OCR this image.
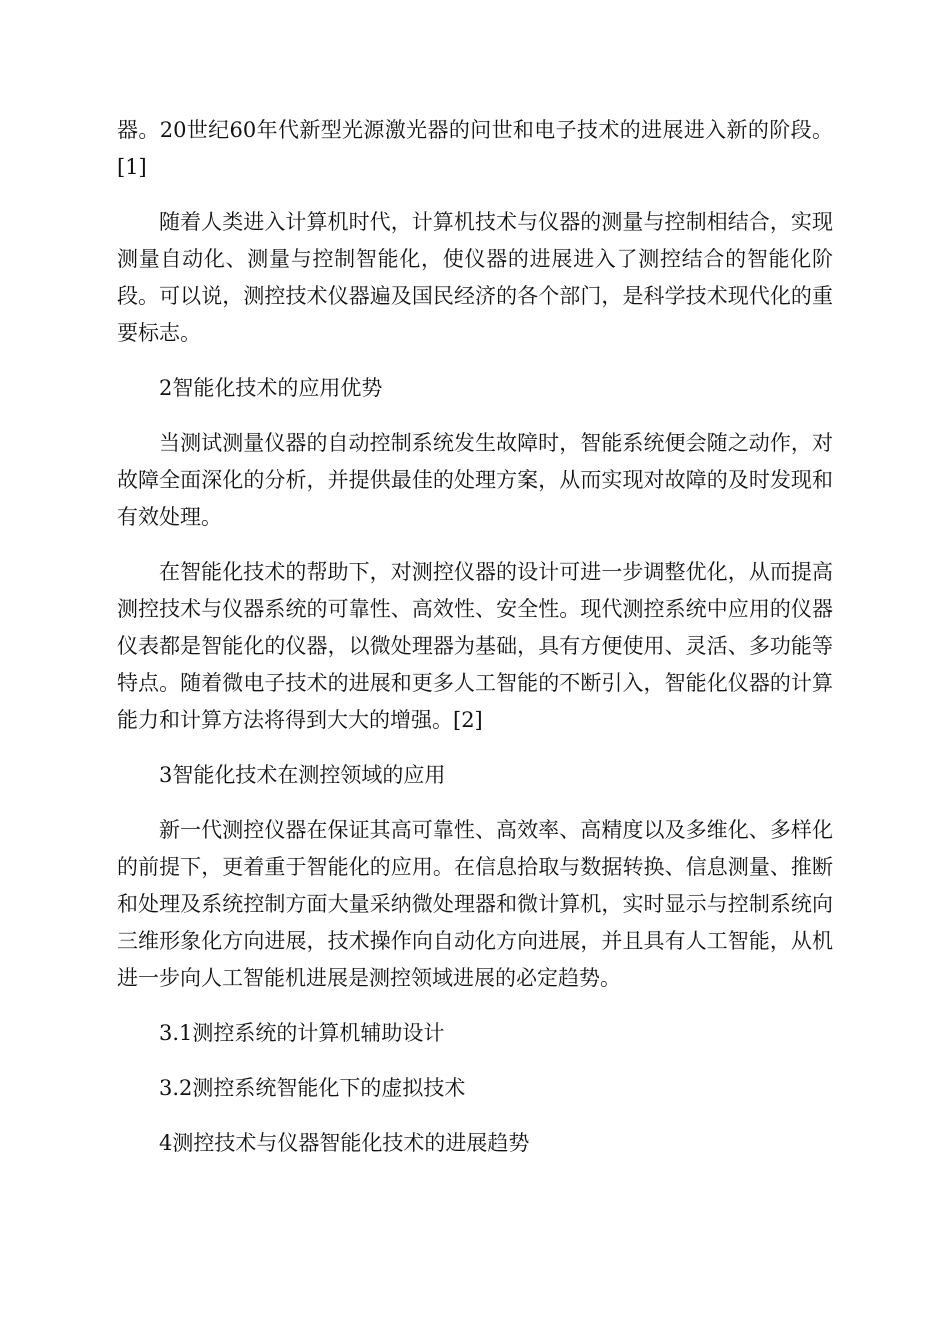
器。20世纪60年代新型光源激光器的问世和电子技术的进展进入新的阶段。[1]

随着人类进入计算机时代，计算机技术与仪器的测量与控制相结合，实现测量自动化、测量与控制智能化，使仪器的进展进入了测控结合的智能化阶段。可以说，测控技术仪器遍及国民经济的各个部门，是科学技术现代化的重要标志。

2智能化技术的应用优势

当测试测量仪器的自动控制系统发生故障时，智能系统便会随之动作，对故障全面深化的分析，并提供最佳的处理方案，从而实现对故障的及时发现和有效处理。

在智能化技术的帮助下，对测控仪器的设计可进一步调整优化，从而提高测控技术与仪器系统的可靠性、高效性、安全性。现代测控系统中应用的仪器仪表都是智能化的仪器，以微处理器为基础，具有方便使用、灵活、多功能等特点。随着微电子技术的进展和更多人工智能的不断引入，智能化仪器的计算能力和计算方法将得到大大的增强。[2]

3智能化技术在测控领域的应用

新一代测控仪器在保证其高可靠性、高效率、高精度以及多维化、多样化的前提下，更着重于智能化的应用。在信息拾取与数据转换、信息测量、推断和处理及系统控制方面大量采纳微处理器和微计算机，实时显示与控制系统向三维形象化方向进展，技术操作向自动化方向进展，并且具有人工智能，从机进一步向人工智能机进展是测控领域进展的必定趋势。

3.1测控系统的计算机辅助设计

3.2测控系统智能化下的虚拟技术

4测控技术与仪器智能化技术的进展趋势
